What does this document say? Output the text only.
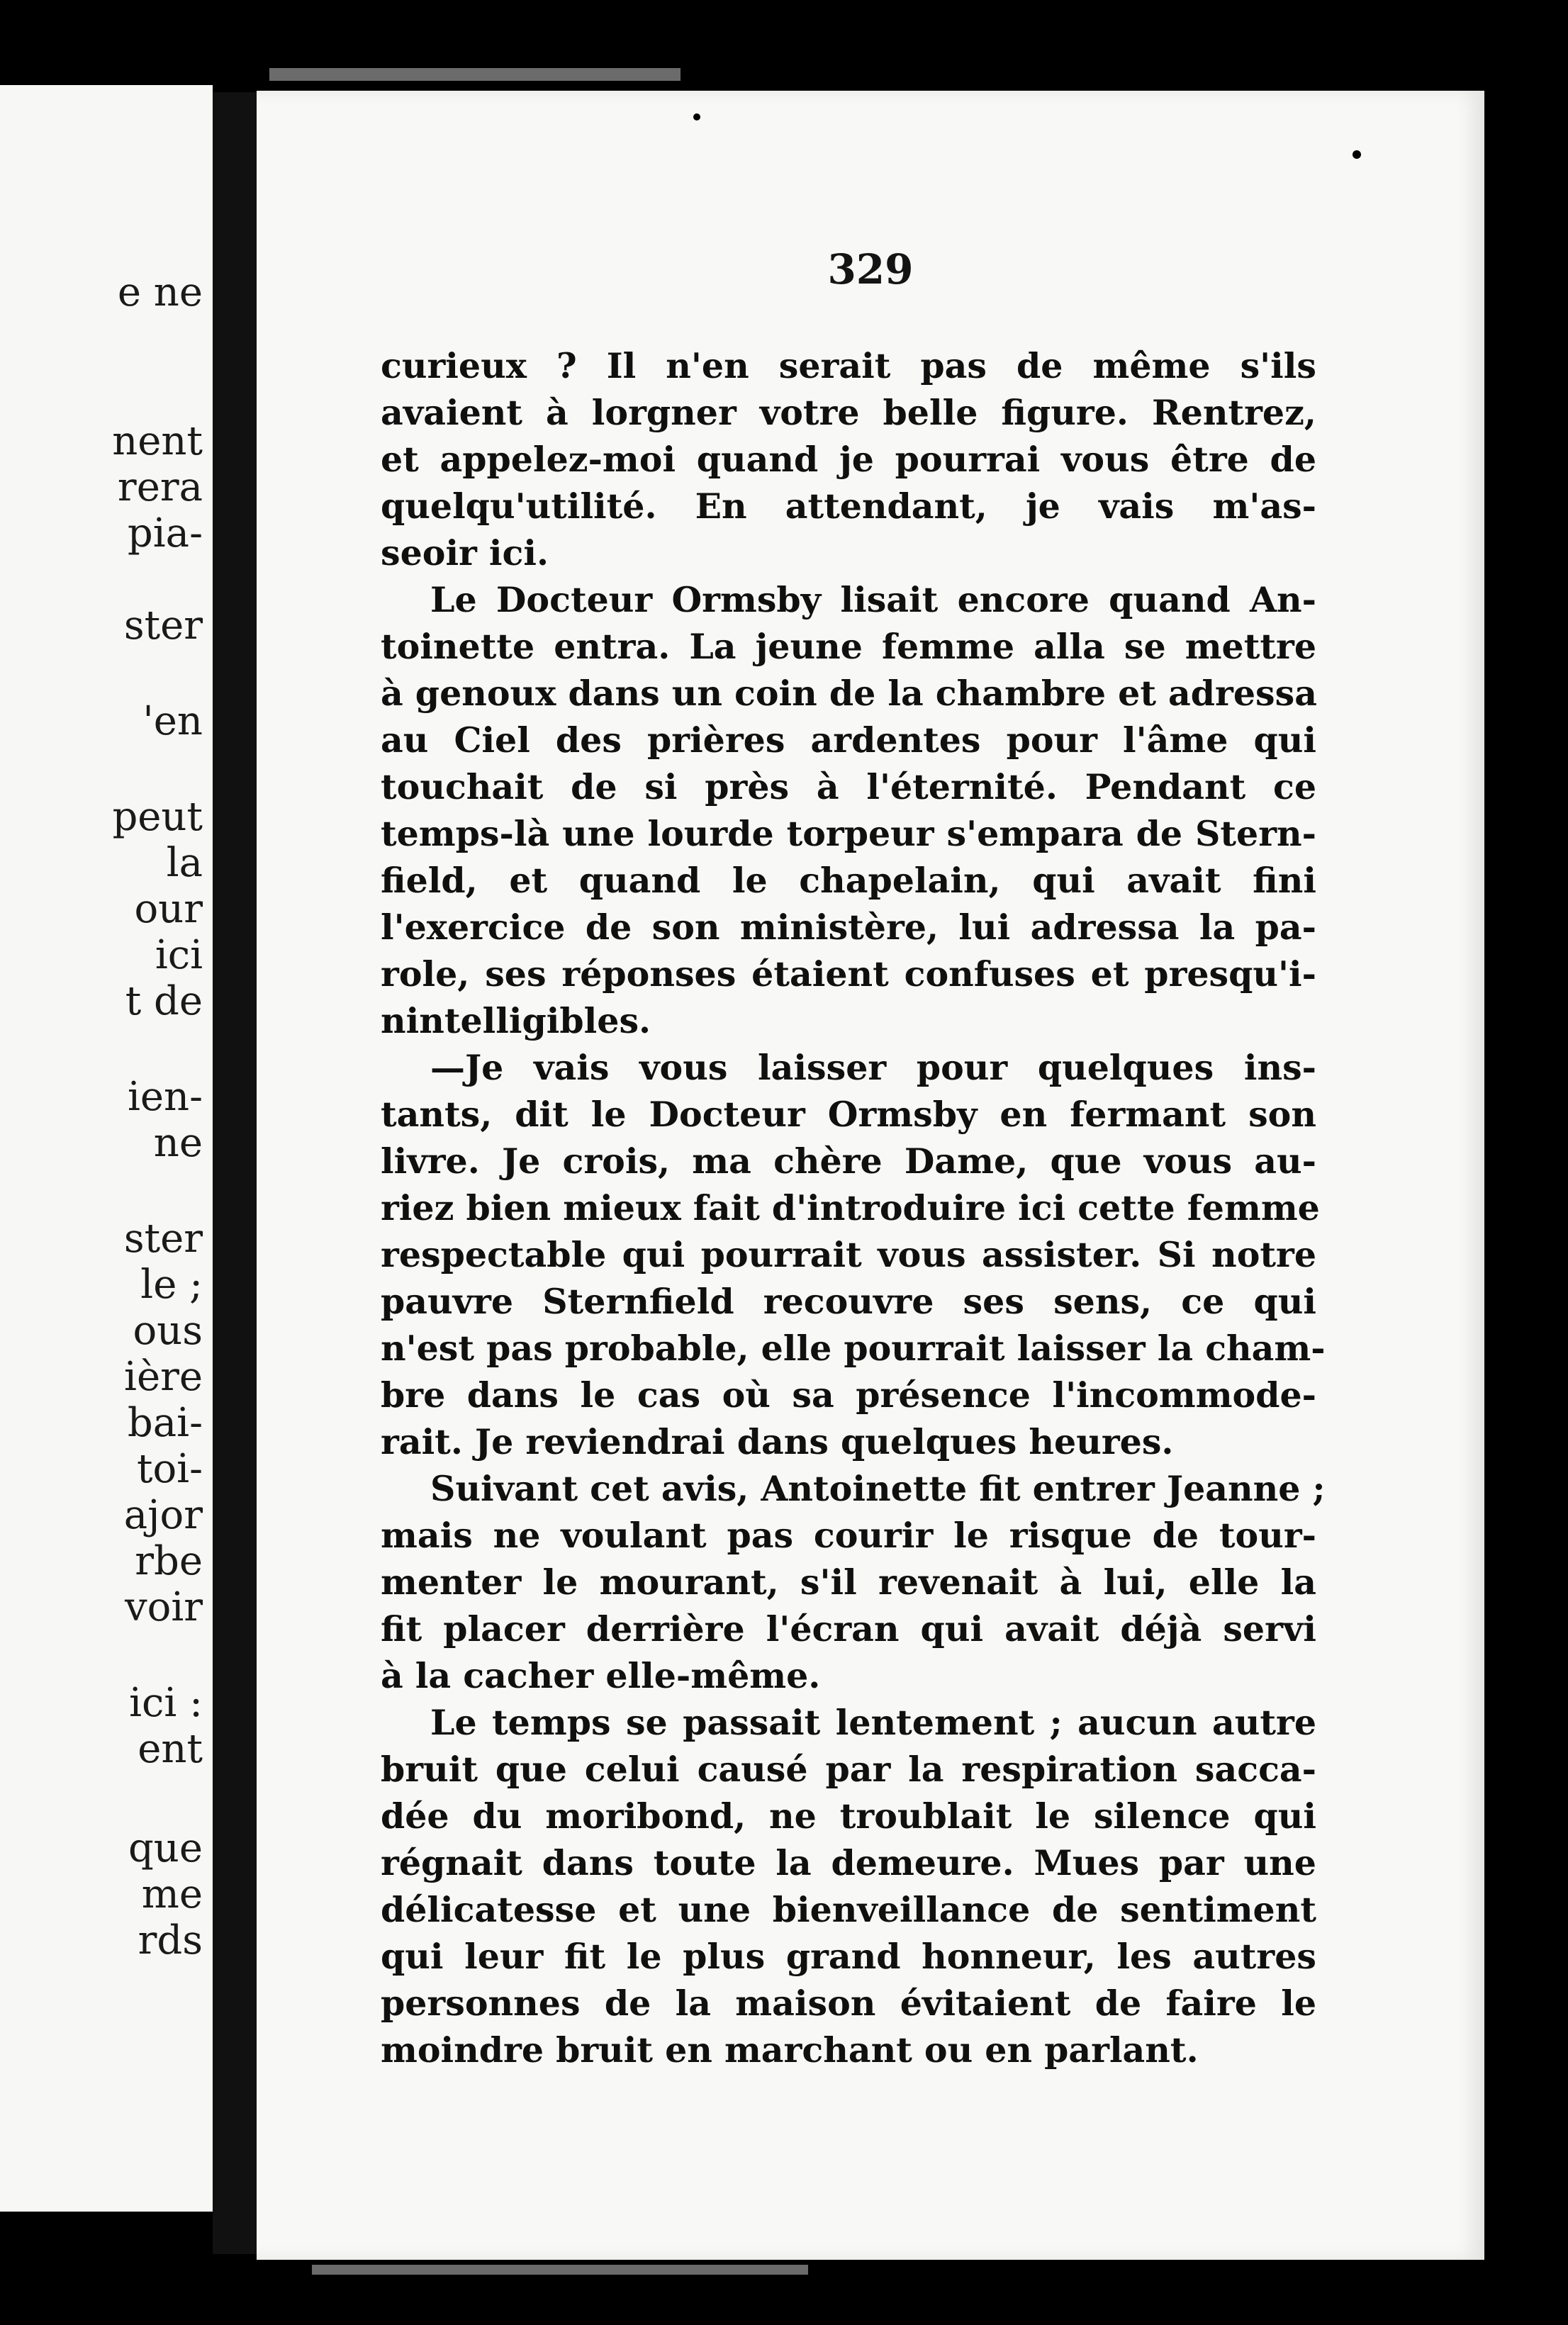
e ne
nent
rera
pia-
ster
'en
peut
la
our
ici
t de
ien-
ne
ster
le ;
ous
ière
bai-
toi-
ajor
rbe
voir
ici :
ent
que
me
rds
329
curieux ? Il n'en serait pas de même s'ils
avaient à lorgner votre belle figure. Rentrez,
et appelez-moi quand je pourrai vous être de
quelqu'utilité. En attendant, je vais m'as-
seoir ici.
Le Docteur Ormsby lisait encore quand An-
toinette entra. La jeune femme alla se mettre
à genoux dans un coin de la chambre et adressa
au Ciel des prières ardentes pour l'âme qui
touchait de si près à l'éternité. Pendant ce
temps-là une lourde torpeur s'empara de Stern-
field, et quand le chapelain, qui avait fini
l'exercice de son ministère, lui adressa la pa-
role, ses réponses étaient confuses et presqu'i-
nintelligibles.
—Je vais vous laisser pour quelques ins-
tants, dit le Docteur Ormsby en fermant son
livre. Je crois, ma chère Dame, que vous au-
riez bien mieux fait d'introduire ici cette femme
respectable qui pourrait vous assister. Si notre
pauvre Sternfield recouvre ses sens, ce qui
n'est pas probable, elle pourrait laisser la cham-
bre dans le cas où sa présence l'incommode-
rait. Je reviendrai dans quelques heures.
Suivant cet avis, Antoinette fit entrer Jeanne ;
mais ne voulant pas courir le risque de tour-
menter le mourant, s'il revenait à lui, elle la
fit placer derrière l'écran qui avait déjà servi
à la cacher elle-même.
Le temps se passait lentement ; aucun autre
bruit que celui causé par la respiration sacca-
dée du moribond, ne troublait le silence qui
régnait dans toute la demeure. Mues par une
délicatesse et une bienveillance de sentiment
qui leur fit le plus grand honneur, les autres
personnes de la maison évitaient de faire le
moindre bruit en marchant ou en parlant.
